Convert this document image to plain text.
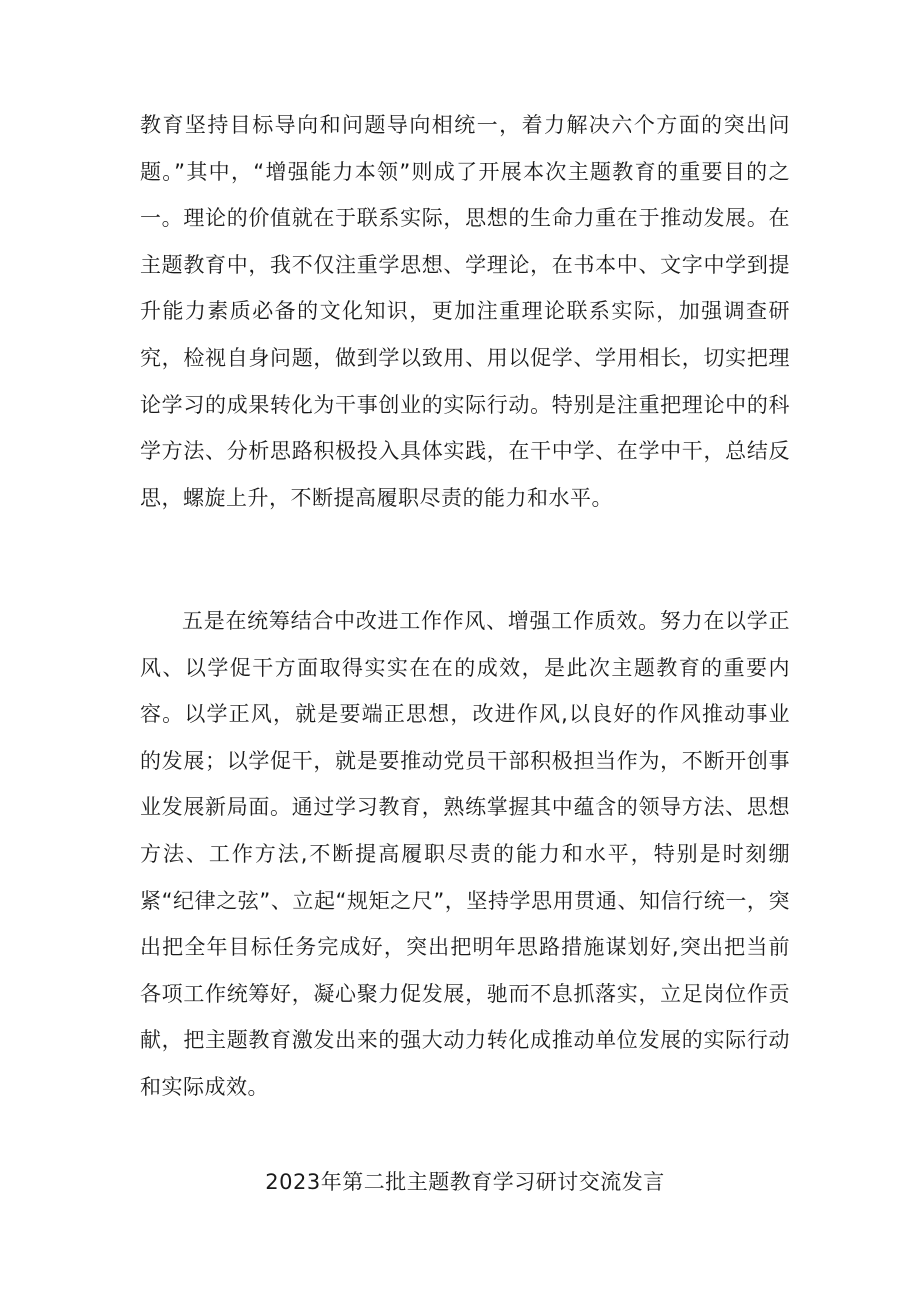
教育坚持目标导向和问题导向相统一，着力解决六个方面的突出问题。”其中，“增强能力本领”则成了开展本次主题教育的重要目的之一。理论的价值就在于联系实际，思想的生命力重在于推动发展。在主题教育中，我不仅注重学思想、学理论，在书本中、文字中学到提升能力素质必备的文化知识，更加注重理论联系实际，加强调查研究，检视自身问题，做到学以致用、用以促学、学用相长，切实把理论学习的成果转化为干事创业的实际行动。特别是注重把理论中的科学方法、分析思路积极投入具体实践，在干中学、在学中干，总结反思，螺旋上升，不断提高履职尽责的能力和水平。

五是在统筹结合中改进工作作风、增强工作质效。努力在以学正风、以学促干方面取得实实在在的成效，是此次主题教育的重要内容。以学正风，就是要端正思想，改进作风,以良好的作风推动事业的发展；以学促干，就是要推动党员干部积极担当作为，不断开创事业发展新局面。通过学习教育，熟练掌握其中蕴含的领导方法、思想方法、工作方法,不断提高履职尽责的能力和水平，特别是时刻绷紧“纪律之弦”、立起“规矩之尺”，坚持学思用贯通、知信行统一，突出把全年目标任务完成好，突出把明年思路措施谋划好,突出把当前各项工作统筹好，凝心聚力促发展，驰而不息抓落实，立足岗位作贡献，把主题教育激发出来的强大动力转化成推动单位发展的实际行动和实际成效。

2023年第二批主题教育学习研讨交流发言
